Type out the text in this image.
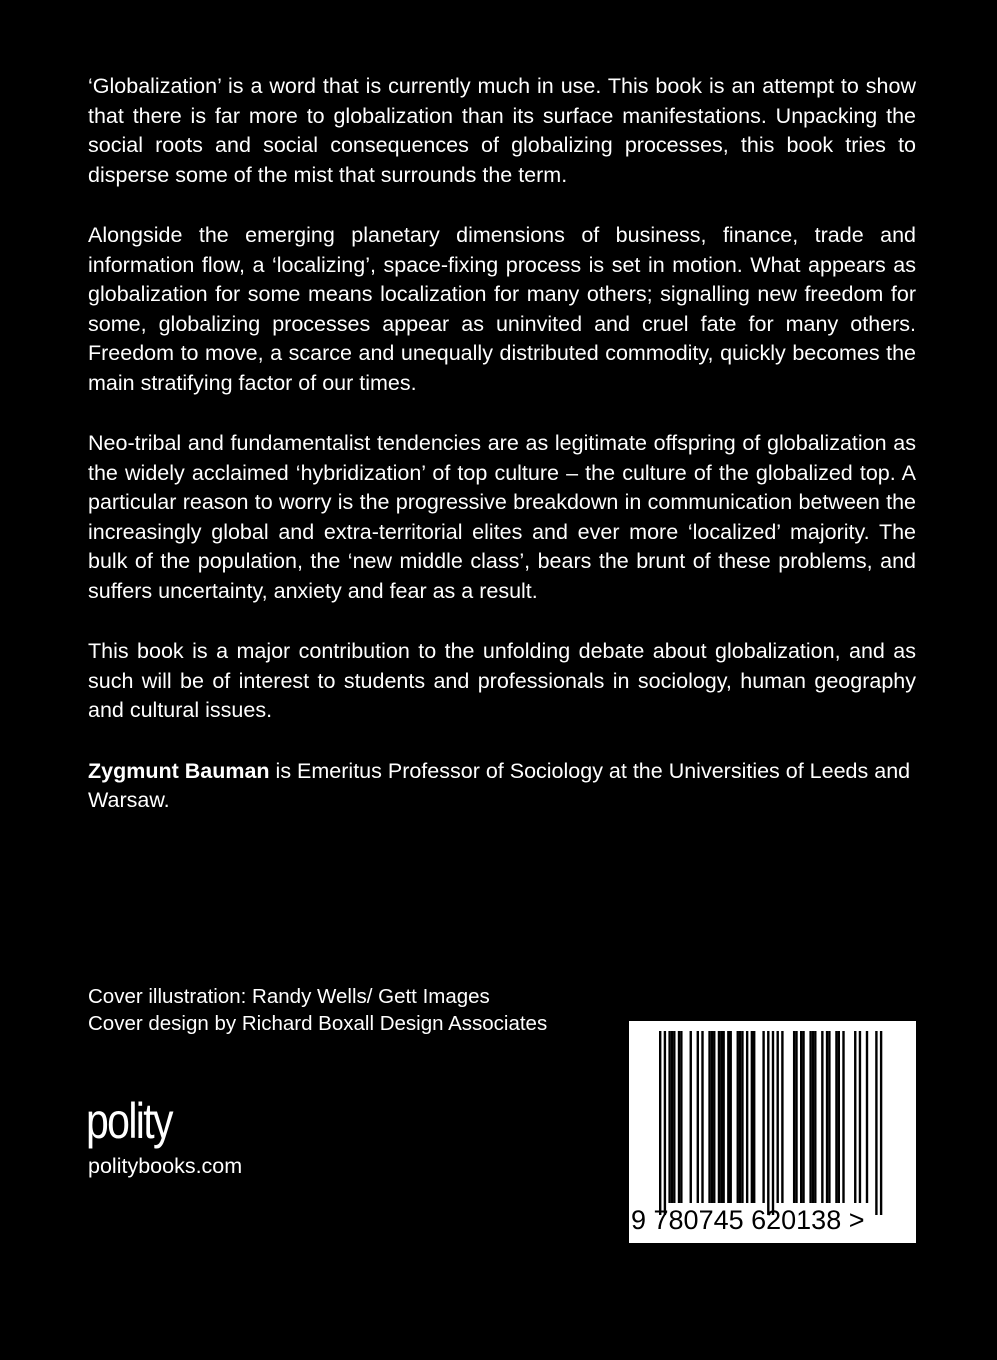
‘Globalization’ is a word that is currently much in use. This book is an attempt to show that there is far more to globalization than its surface manifestations. Unpacking the social roots and social consequences of globalizing processes, this book tries to disperse some of the mist that surrounds the term.

Alongside the emerging planetary dimensions of business, finance, trade and information flow, a ‘localizing’, space-fixing process is set in motion. What appears as globalization for some means localization for many others; signalling new freedom for some, globalizing processes appear as uninvited and cruel fate for many others. Freedom to move, a scarce and unequally distributed commodity, quickly becomes the main stratifying factor of our times.

Neo-tribal and fundamentalist tendencies are as legitimate offspring of globalization as the widely acclaimed ‘hybridization’ of top culture – the culture of the globalized top. A particular reason to worry is the progressive breakdown in communication between the increasingly global and extra-territorial elites and ever more ‘localized’ majority. The bulk of the population, the ‘new middle class’, bears the brunt of these problems, and suffers uncertainty, anxiety and fear as a result.

This book is a major contribution to the unfolding debate about globalization, and as such will be of interest to students and professionals in sociology, human geography and cultural issues.

Zygmunt Bauman is Emeritus Professor of Sociology at the Universities of Leeds and Warsaw.

Cover illustration: Randy Wells/ Gett Images
Cover design by Richard Boxall Design Associates
polity
politybooks.com
9 780745 620138 >
